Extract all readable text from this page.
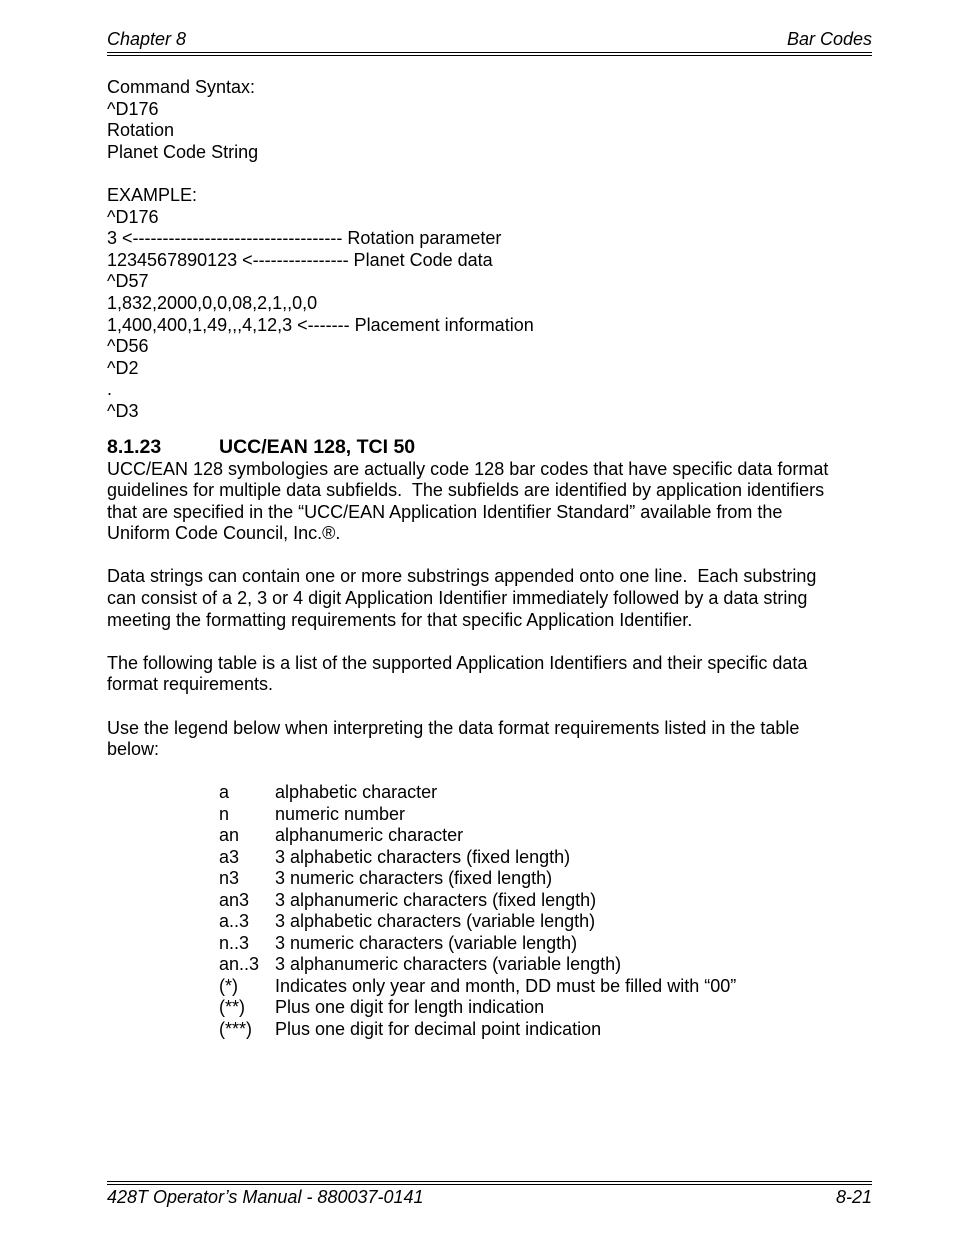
Chapter 8	Bar Codes
Command Syntax:
^D176
Rotation
Planet Code String
EXAMPLE:
^D176
3 <----------------------------------- Rotation parameter
1234567890123 <---------------- Planet Code data
^D57
1,832,2000,0,0,08,2,1,,0,0
1,400,400,1,49,,,4,12,3 <------- Placement information
^D56
^D2
.
^D3
8.1.23	UCC/EAN 128, TCI 50
UCC/EAN 128 symbologies are actually code 128 bar codes that have specific data format
guidelines for multiple data subfields.  The subfields are identified by application identifiers
that are specified in the “UCC/EAN Application Identifier Standard” available from the
Uniform Code Council, Inc.®.
Data strings can contain one or more substrings appended onto one line.  Each substring
can consist of a 2, 3 or 4 digit Application Identifier immediately followed by a data string
meeting the formatting requirements for that specific Application Identifier.
The following table is a list of the supported Application Identifiers and their specific data
format requirements.
Use the legend below when interpreting the data format requirements listed in the table
below:
a	alphabetic character
n	numeric number
an alphanumeric character
a3 3 alphabetic characters (fixed length)
n3 3 numeric characters (fixed length)
an3 3 alphanumeric characters (fixed length)
a..3 3 alphabetic characters (variable length)
n..3 3 numeric characters (variable length)
an..3 3 alphanumeric characters (variable length)
(*) Indicates only year and month, DD must be filled with “00”
(**) Plus one digit for length indication
(***) Plus one digit for decimal point indication
428T Operator’s Manual - 880037-0141	8-21
